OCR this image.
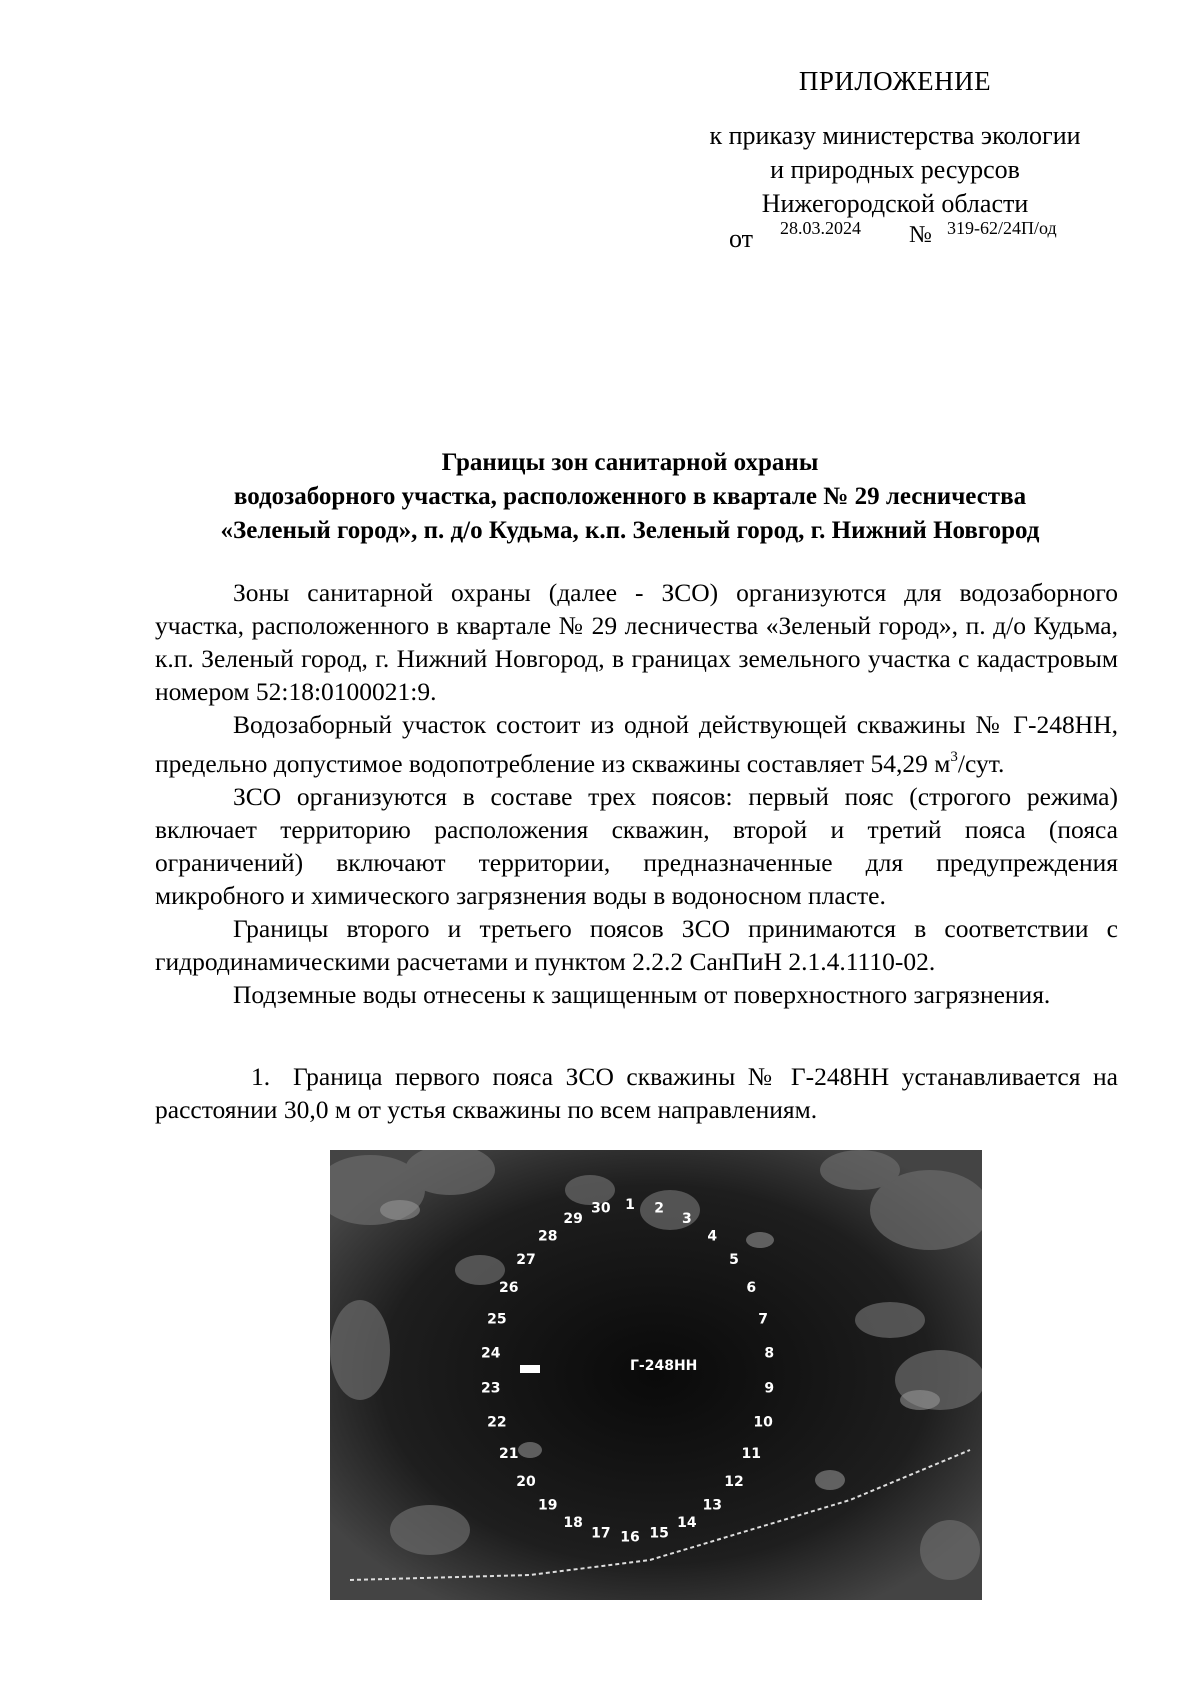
ПРИЛОЖЕНИЕ
к приказу министерства экологии
и природных ресурсов
Нижегородской области
от 28.03.2024 № 319-62/24П/од
Границы зон санитарной охраны
водозаборного участка, расположенного в квартале № 29 лесничества
«Зеленый город», п. д/о Кудьма, к.п. Зеленый город, г. Нижний Новгород

Зоны санитарной охраны (далее - ЗСО) организуются для водозаборного участка, расположенного в квартале № 29 лесничества «Зеленый город», п. д/о Кудьма, к.п. Зеленый город, г. Нижний Новгород, в границах земельного участка с кадастровым номером 52:18:0100021:9.

Водозаборный участок состоит из одной действующей скважины № Г-248НН, предельно допустимое водопотребление из скважины составляет 54,29 $м^3$/сут.

ЗСО организуются в составе трех поясов: первый пояс (строгого режима) включает территорию расположения скважин, второй и третий пояса (пояса ограничений) включают территории, предназначенные для предупреждения микробного и химического загрязнения воды в водоносном пласте.

Границы второго и третьего поясов ЗСО принимаются в соответствии с гидродинамическими расчетами и пунктом 2.2.2 СанПиН 2.1.4.1110-02.

Подземные воды отнесены к защищенным от поверхностного загрязнения.

1. Граница первого пояса ЗСО скважины № Г-248НН устанавливается на расстоянии 30,0 м от устья скважины по всем направлениям.
1 2
3
4
5
6
7
8
9
10
11
12
13
14
15
16
17
18
19
20
21
22
23
24
25
26
27
28
29
30
Г-248НН
